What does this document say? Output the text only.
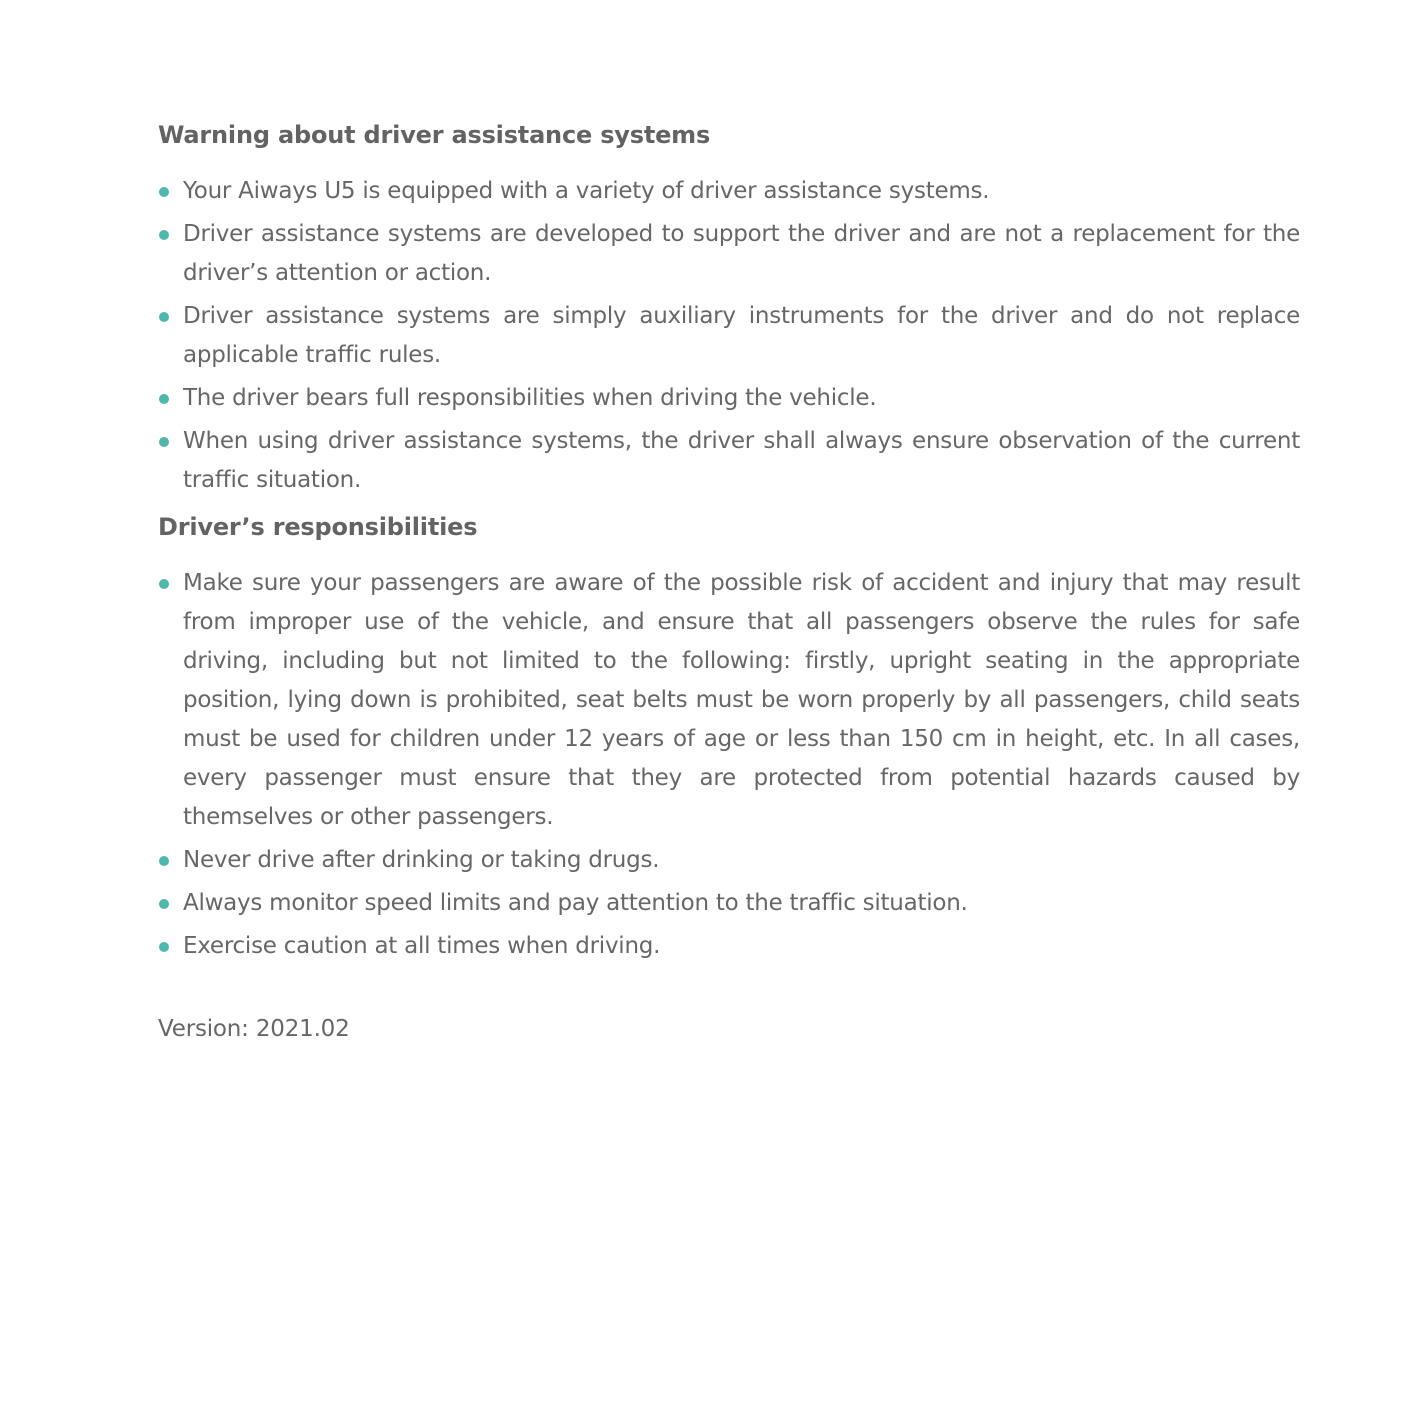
Warning about driver assistance systems
Your Aiways U5 is equipped with a variety of driver assistance systems.
Driver assistance systems are developed to support the driver and are not a replacement for the driver’s attention or action.
Driver assistance systems are simply auxiliary instruments for the driver and do not replace applicable traffic rules.
The driver bears full responsibilities when driving the vehicle.
When using driver assistance systems, the driver shall always ensure observation of the current traffic situation.
Driver’s responsibilities
Make sure your passengers are aware of the possible risk of accident and injury that may result from improper use of the vehicle, and ensure that all passengers observe the rules for safe driving, including but not limited to the following: firstly, upright seating in the appropriate position, lying down is prohibited, seat belts must be worn properly by all passengers, child seats must be used for children under 12 years of age or less than 150 cm in height, etc. In all cases, every passenger must ensure that they are protected from potential hazards caused by themselves or other passengers.
Never drive after drinking or taking drugs.
Always monitor speed limits and pay attention to the traffic situation.
Exercise caution at all times when driving.
Version: 2021.02
